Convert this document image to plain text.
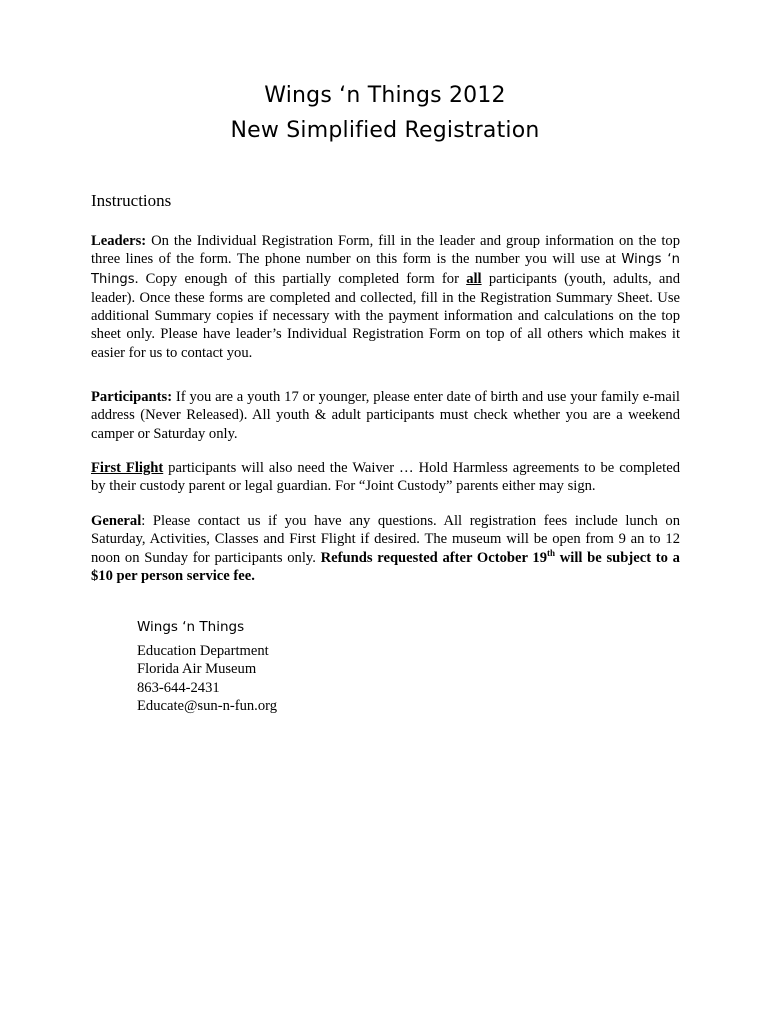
Wings ‘n Things 2012
New Simplified Registration
Instructions

Leaders: On the Individual Registration Form, fill in the leader and group information on the top three lines of the form. The phone number on this form is the number you will use at Wings ‘n Things. Copy enough of this partially completed form for all participants (youth, adults, and leader). Once these forms are completed and collected, fill in the Registration Summary Sheet. Use additional Summary copies if necessary with the payment information and calculations on the top sheet only. Please have leader’s Individual Registration Form on top of all others which makes it easier for us to contact you.

Participants: If you are a youth 17 or younger, please enter date of birth and use your family e-mail address (Never Released). All youth & adult participants must check whether you are a weekend camper or Saturday only.

First Flight participants will also need the Waiver … Hold Harmless agreements to be completed by their custody parent or legal guardian. For “Joint Custody” parents either may sign.

General: Please contact us if you have any questions. All registration fees include lunch on Saturday, Activities, Classes and First Flight if desired. The museum will be open from 9 an to 12 noon on Sunday for participants only. Refunds requested after October 19th will be subject to a $10 per person service fee.

Wings ‘n Things
Education Department
Florida Air Museum
863-644-2431
Educate@sun-n-fun.org
